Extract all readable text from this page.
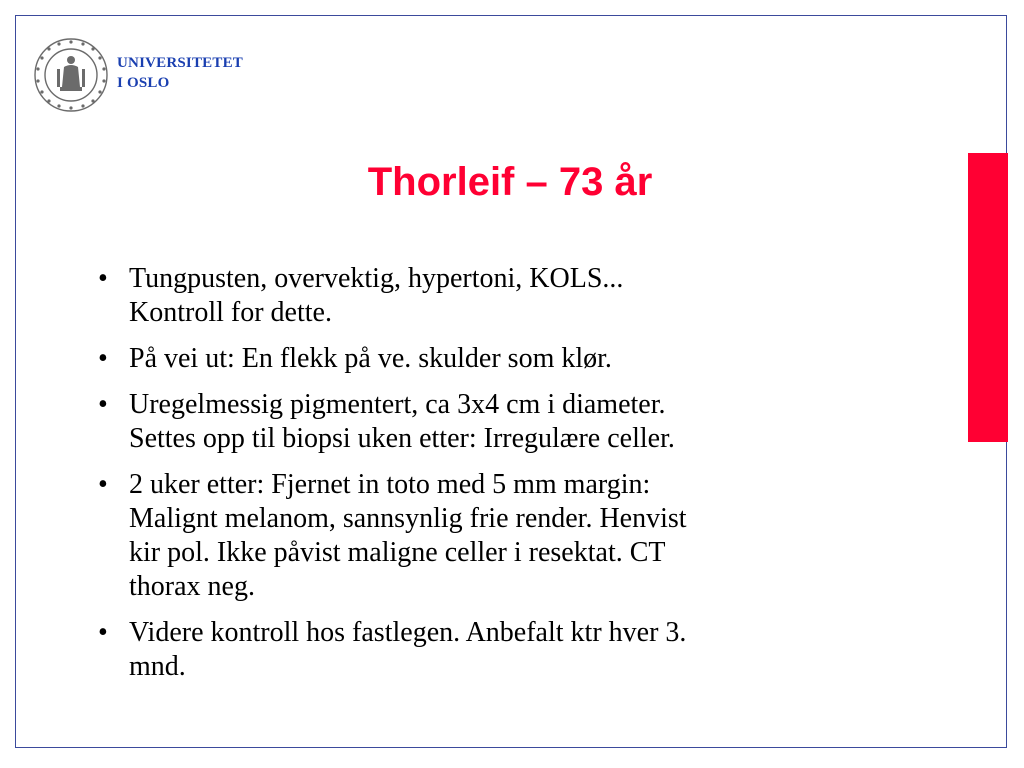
UNIVERSITETET
I OSLO
Thorleif – 73 år
• Tungpusten, overvektig, hypertoni, KOLS...
Kontroll for dette.
• På vei ut: En flekk på ve. skulder som klør.
• Uregelmessig pigmentert, ca 3x4 cm i diameter.
Settes opp til biopsi uken etter: Irregulære celler.
• 2 uker etter: Fjernet in toto med 5 mm margin:
Malignt melanom, sannsynlig frie render. Henvist
kir pol. Ikke påvist maligne celler i resektat. CT
thorax neg.
• Videre kontroll hos fastlegen. Anbefalt ktr hver 3.
mnd.
